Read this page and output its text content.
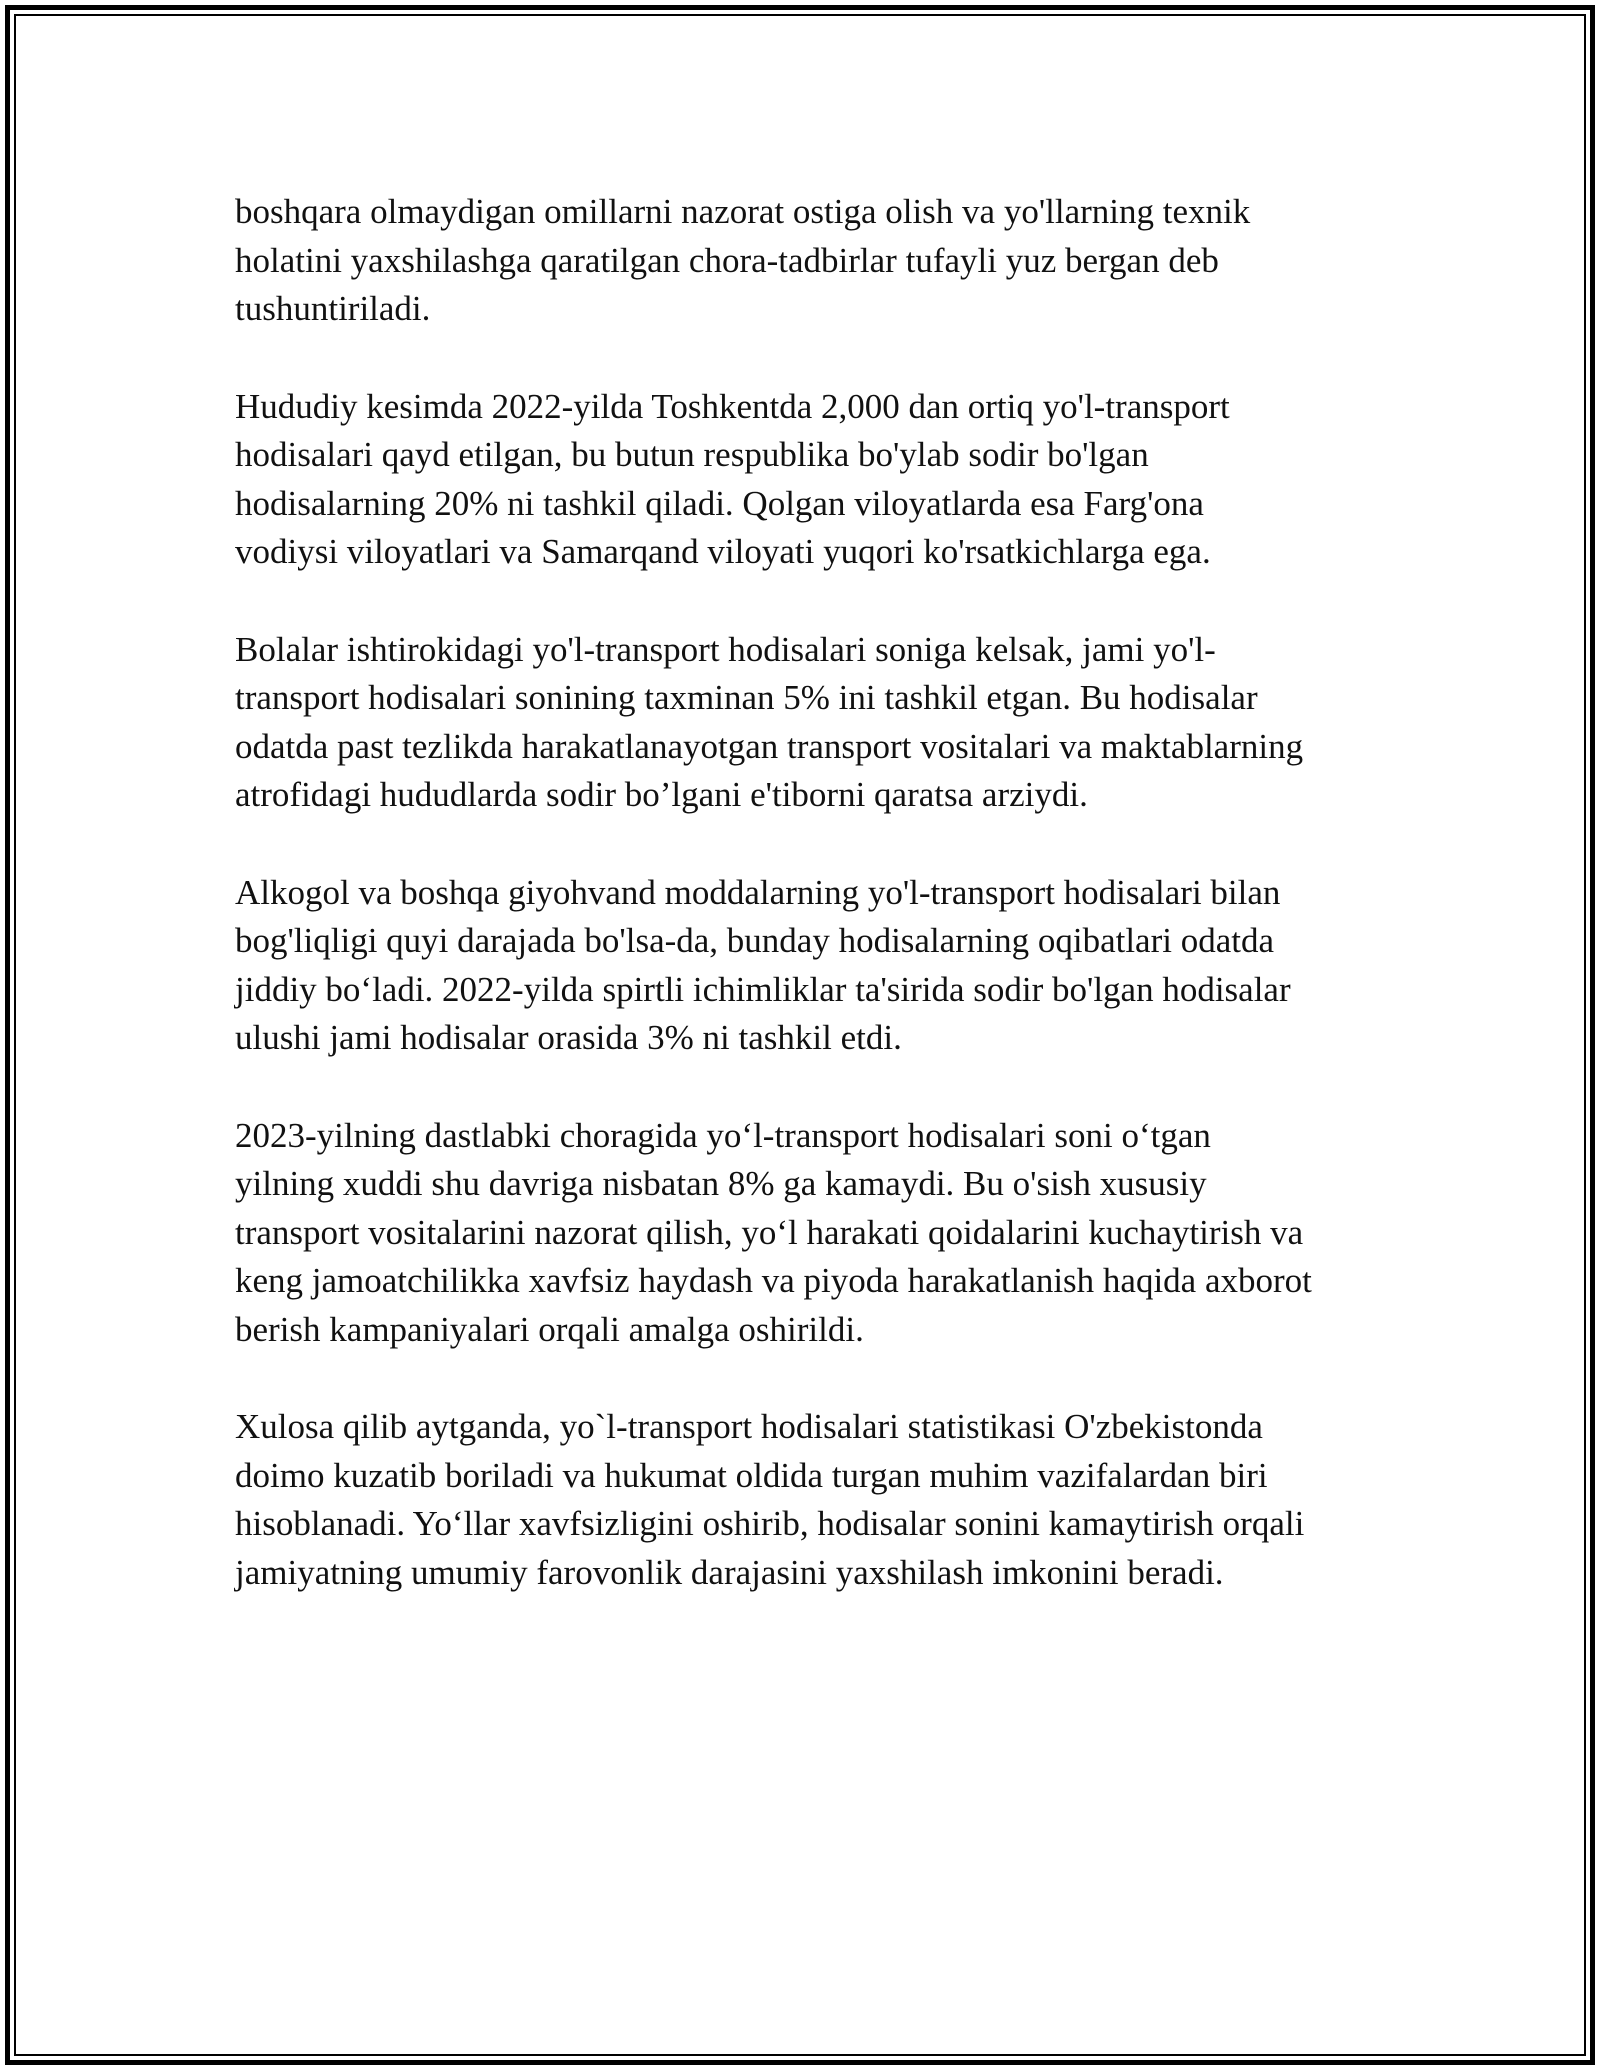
boshqara olmaydigan omillarni nazorat ostiga olish va yo'llarning texnik
holatini yaxshilashga qaratilgan chora-tadbirlar tufayli yuz bergan deb
tushuntiriladi.

Hududiy kesimda 2022-yilda Toshkentda 2,000 dan ortiq yo'l-transport
hodisalari qayd etilgan, bu butun respublika bo'ylab sodir bo'lgan
hodisalarning 20% ni tashkil qiladi. Qolgan viloyatlarda esa Farg'ona
vodiysi viloyatlari va Samarqand viloyati yuqori ko'rsatkichlarga ega.

Bolalar ishtirokidagi yo'l-transport hodisalari soniga kelsak, jami yo'l-
transport hodisalari sonining taxminan 5% ini tashkil etgan. Bu hodisalar
odatda past tezlikda harakatlanayotgan transport vositalari va maktablarning
atrofidagi hududlarda sodir bo’lgani e'tiborni qaratsa arziydi.

Alkogol va boshqa giyohvand moddalarning yo'l-transport hodisalari bilan
bog'liqligi quyi darajada bo'lsa-da, bunday hodisalarning oqibatlari odatda
jiddiy bo‘ladi. 2022-yilda spirtli ichimliklar ta'sirida sodir bo'lgan hodisalar
ulushi jami hodisalar orasida 3% ni tashkil etdi.

2023-yilning dastlabki choragida yo‘l-transport hodisalari soni o‘tgan
yilning xuddi shu davriga nisbatan 8% ga kamaydi. Bu o'sish xususiy
transport vositalarini nazorat qilish, yo‘l harakati qoidalarini kuchaytirish va
keng jamoatchilikka xavfsiz haydash va piyoda harakatlanish haqida axborot
berish kampaniyalari orqali amalga oshirildi.

Xulosa qilib aytganda, yo`l-transport hodisalari statistikasi O'zbekistonda
doimo kuzatib boriladi va hukumat oldida turgan muhim vazifalardan biri
hisoblanadi. Yo‘llar xavfsizligini oshirib, hodisalar sonini kamaytirish orqali
jamiyatning umumiy farovonlik darajasini yaxshilash imkonini beradi.
